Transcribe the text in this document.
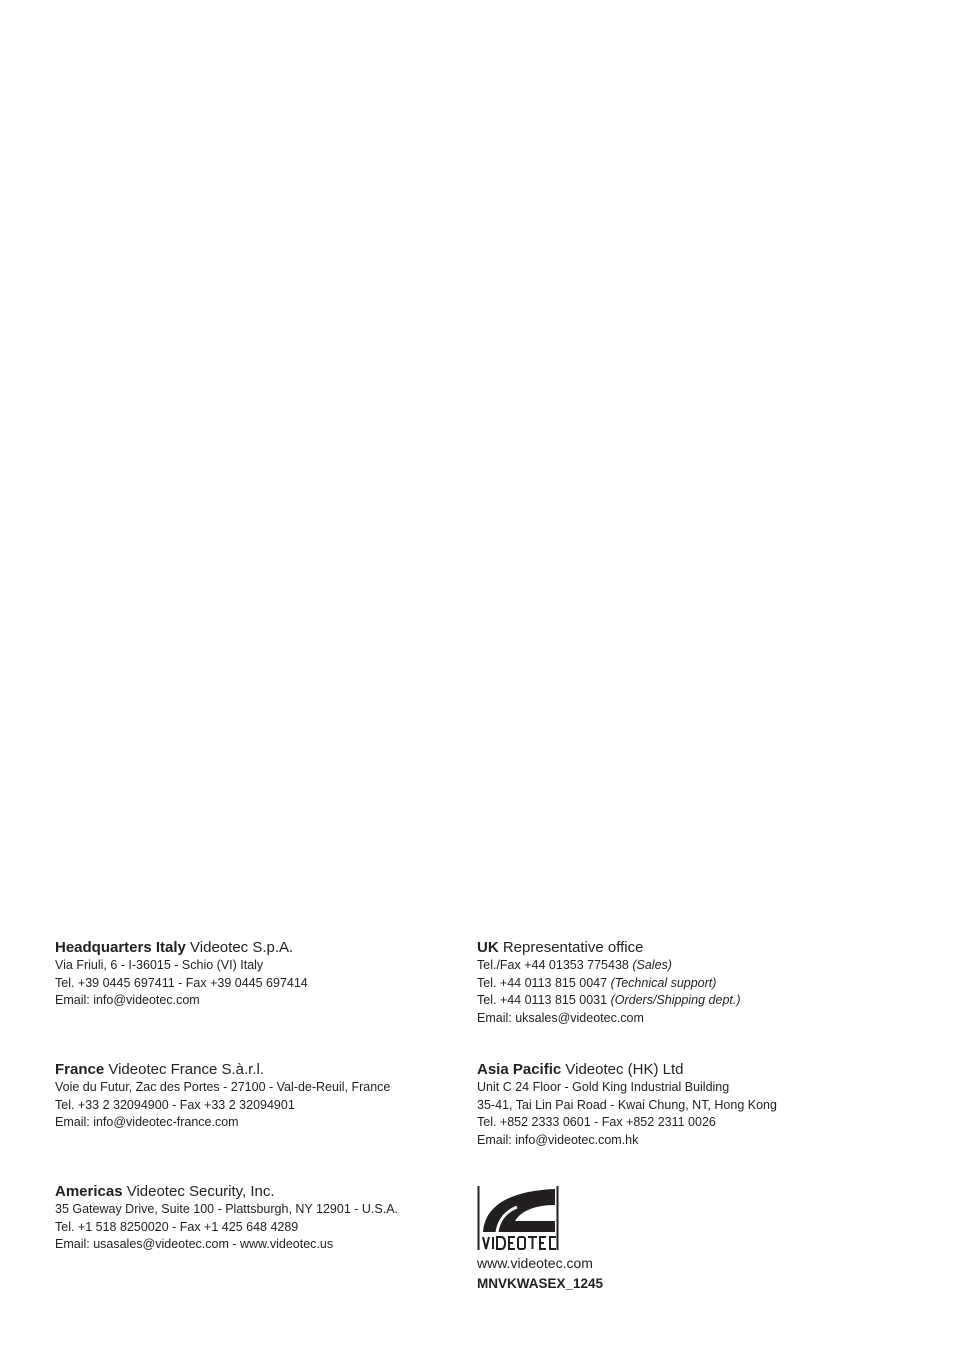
Headquarters Italy Videotec S.p.A.
Via Friuli, 6 - I-36015 - Schio (VI) Italy
Tel. +39 0445 697411 - Fax +39 0445 697414
Email: info@videotec.com
France Videotec France S.à.r.l.
Voie du Futur, Zac des Portes - 27100 - Val-de-Reuil, France
Tel. +33 2 32094900 - Fax +33 2 32094901
Email: info@videotec-france.com
Americas Videotec Security, Inc.
35 Gateway Drive, Suite 100 - Plattsburgh, NY 12901 - U.S.A.
Tel. +1 518 8250020 - Fax +1 425 648 4289
Email: usasales@videotec.com - www.videotec.us
UK Representative office
Tel./Fax +44 01353 775438 (Sales)
Tel. +44 0113 815 0047 (Technical support)
Tel. +44 0113 815 0031 (Orders/Shipping dept.)
Email: uksales@videotec.com
Asia Pacific Videotec (HK) Ltd
Unit C 24 Floor - Gold King Industrial Building
35-41, Tai Lin Pai Road - Kwai Chung, NT, Hong Kong
Tel. +852 2333 0601 - Fax +852 2311 0026
Email: info@videotec.com.hk
www.videotec.com
MNVKWASEX_1245
